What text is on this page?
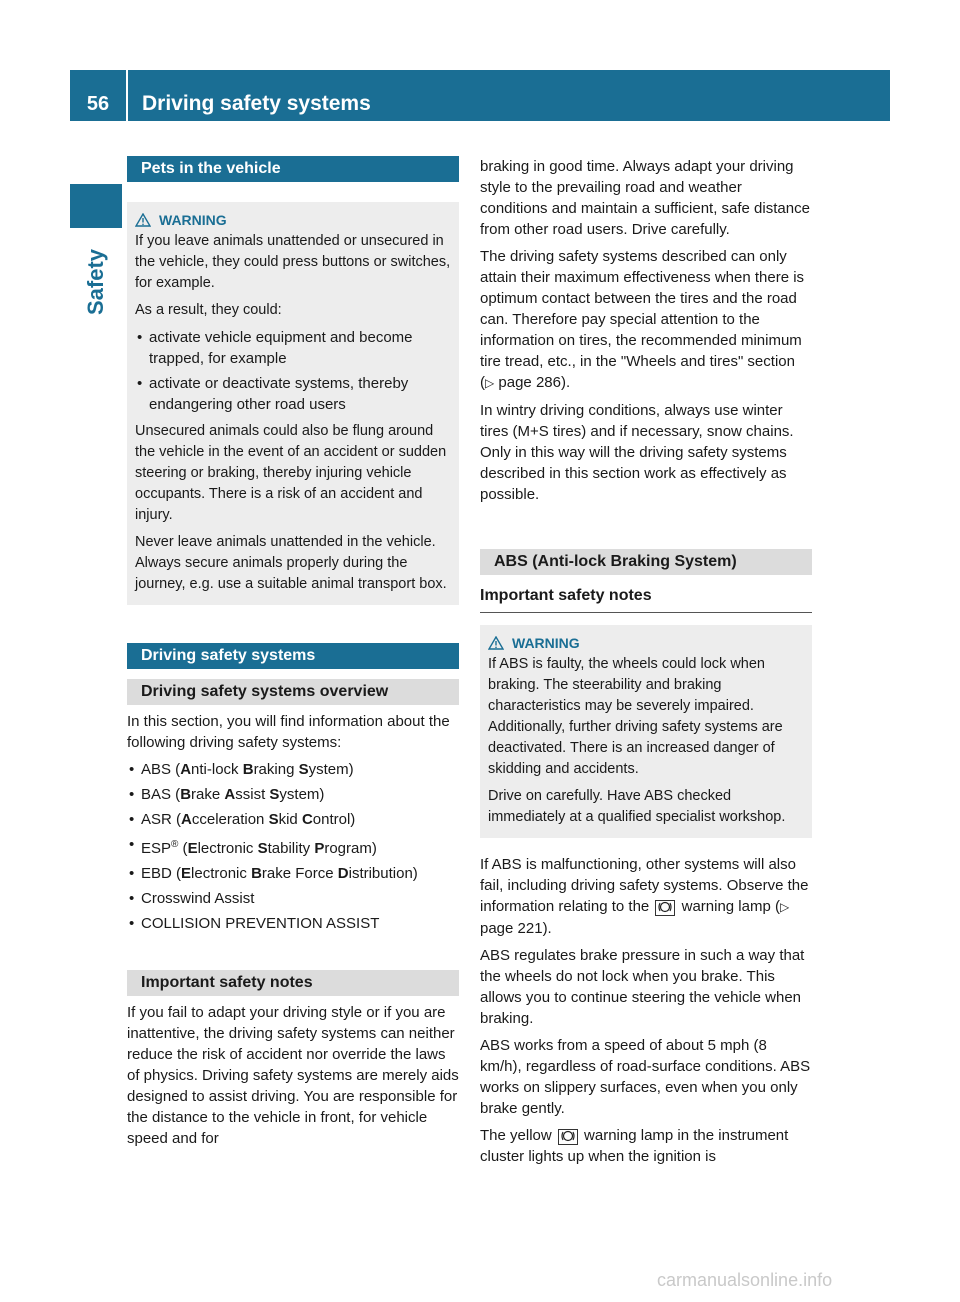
56	Driving safety systems
Safety
Pets in the vehicle
WARNING

If you leave animals unattended or unsecured in the vehicle, they could press buttons or switches, for example.

As a result, they could:

• activate vehicle equipment and become trapped, for example
• activate or deactivate systems, thereby endangering other road users

Unsecured animals could also be flung around the vehicle in the event of an accident or sudden steering or braking, thereby injuring vehicle occupants. There is a risk of an accident and injury.

Never leave animals unattended in the vehicle. Always secure animals properly during the journey, e.g. use a suitable animal transport box.

Driving safety systems
Driving safety systems overview

In this section, you will find information about the following driving safety systems:

• ABS (Anti-lock Braking System)
• BAS (Brake Assist System)
• ASR (Acceleration Skid Control)
• ESP® (Electronic Stability Program)
• EBD (Electronic Brake Force Distribution)
• Crosswind Assist
• COLLISION PREVENTION ASSIST
Important safety notes

If you fail to adapt your driving style or if you are inattentive, the driving safety systems can neither reduce the risk of accident nor override the laws of physics. Driving safety systems are merely aids designed to assist driving. You are responsible for the distance to the vehicle in front, for vehicle speed and for

braking in good time. Always adapt your driving style to the prevailing road and weather conditions and maintain a sufficient, safe distance from other road users. Drive carefully.

The driving safety systems described can only attain their maximum effectiveness when there is optimum contact between the tires and the road can. Therefore pay special attention to the information on tires, the recommended minimum tire tread, etc., in the "Wheels and tires" section (▷ page 286).

In wintry driving conditions, always use winter tires (M+S tires) and if necessary, snow chains. Only in this way will the driving safety systems described in this section work as effectively as possible.

ABS (Anti-lock Braking System)
Important safety notes
WARNING

If ABS is faulty, the wheels could lock when braking. The steerability and braking characteristics may be severely impaired. Additionally, further driving safety systems are deactivated. There is an increased danger of skidding and accidents.

Drive on carefully. Have ABS checked immediately at a qualified specialist workshop.

If ABS is malfunctioning, other systems will also fail, including driving safety systems. Observe the information relating to the  warning lamp (▷ page 221).

ABS regulates brake pressure in such a way that the wheels do not lock when you brake. This allows you to continue steering the vehicle when braking.

ABS works from a speed of about 5 mph (8 km/h), regardless of road-surface conditions. ABS works on slippery surfaces, even when you only brake gently.

The yellow  warning lamp in the instrument cluster lights up when the ignition is

carmanualsonline.info
